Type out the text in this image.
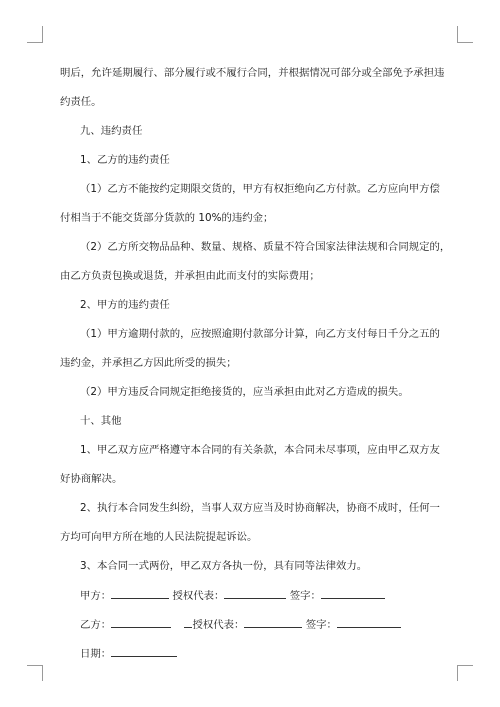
明后，允许延期履行、部分履行或不履行合同，并根据情况可部分或全部免予承担违
约责任。
九、违约责任
1、乙方的违约责任
（1）乙方不能按约定期限交货的，甲方有权拒绝向乙方付款。乙方应向甲方偿
付相当于不能交货部分货款的 10%的违约金；
（2）乙方所交物品品种、数量、规格、质量不符合国家法律法规和合同规定的，
由乙方负责包换或退货，并承担由此而支付的实际费用；
2、甲方的违约责任
（1）甲方逾期付款的，应按照逾期付款部分计算，向乙方支付每日千分之五的
违约金，并承担乙方因此所受的损失；
（2）甲方违反合同规定拒绝接货的，应当承担由此对乙方造成的损失。
十、其他
1、甲乙双方应严格遵守本合同的有关条款，本合同未尽事项，应由甲乙双方友
好协商解决。
2、执行本合同发生纠纷，当事人双方应当及时协商解决，协商不成时，任何一
方均可向甲方所在地的人民法院提起诉讼。
3、本合同一式两份，甲乙双方各执一份，具有同等法律效力。
甲方：	授权代表：	签字：
乙方：	授权代表：	签字：
日期：
